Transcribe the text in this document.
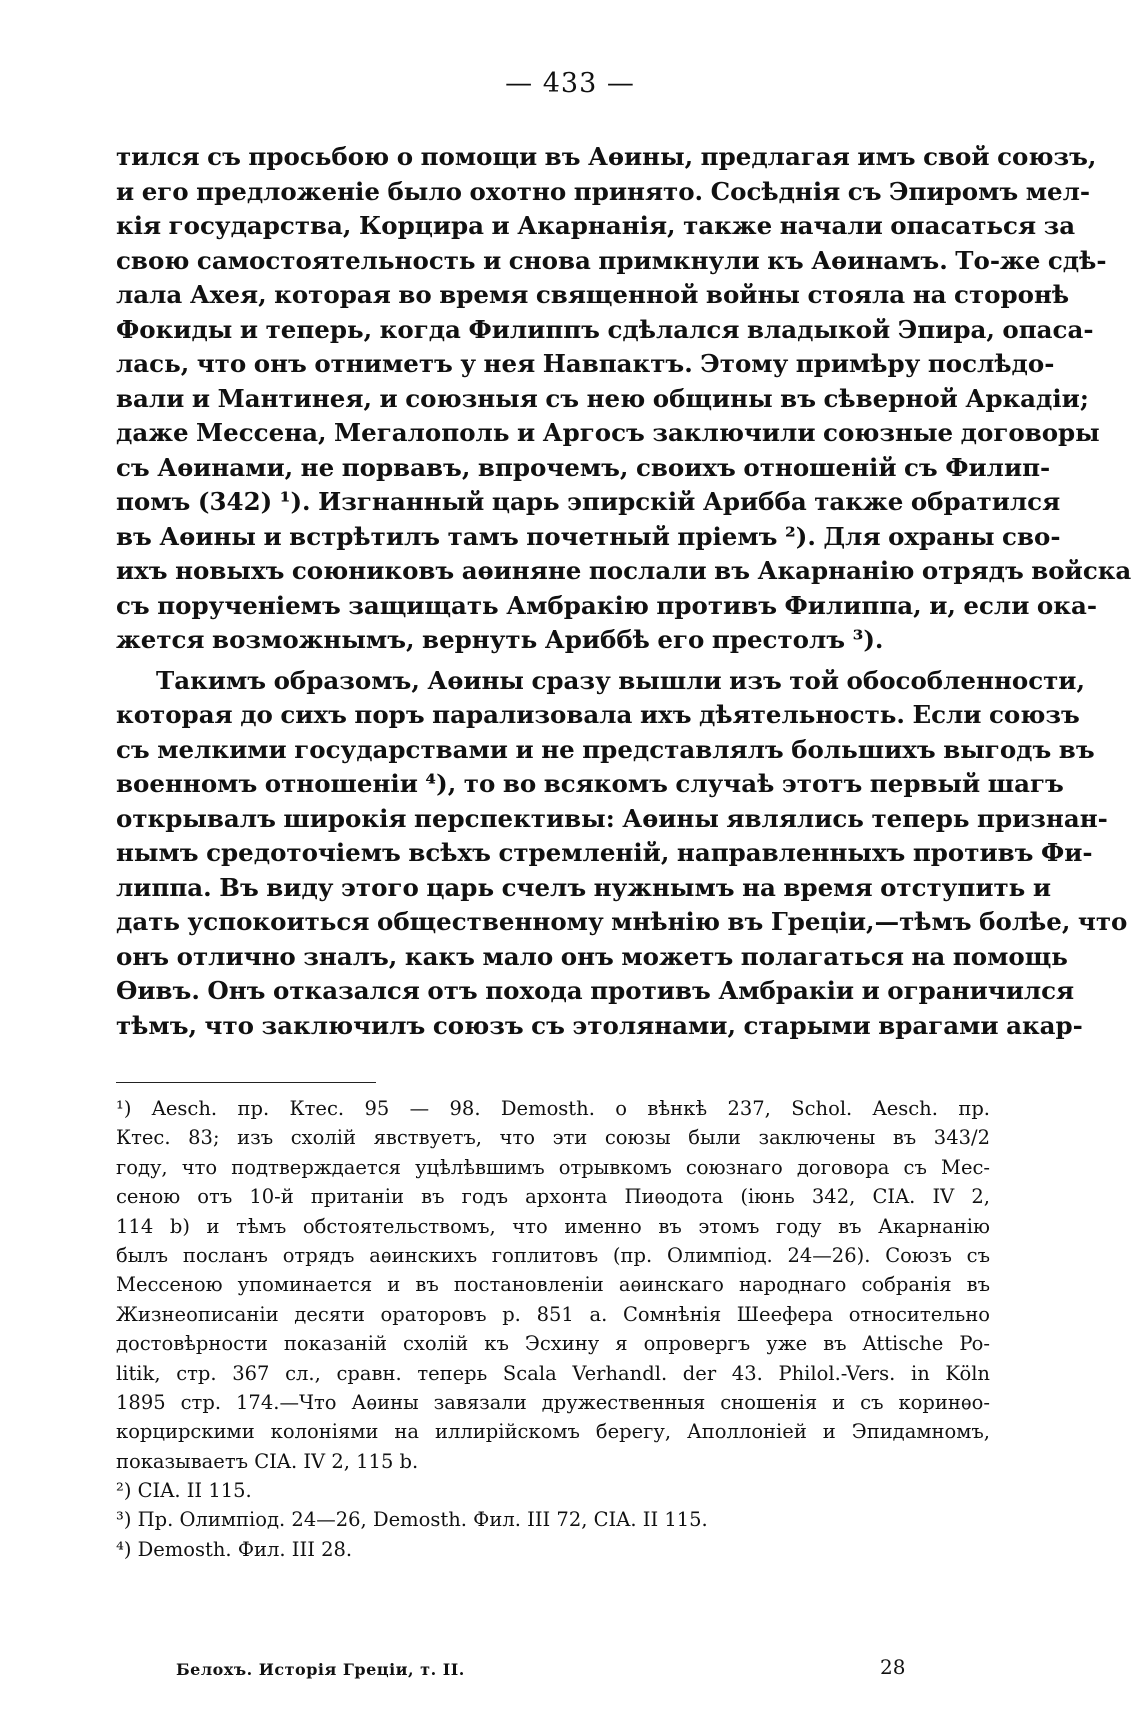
— 433 —
тился съ просьбою о помощи въ Аѳины, предлагая имъ свой союзъ,
и его предложеніе было охотно принято. Сосѣднія съ Эпиромъ мел-
кія государства, Корцира и Акарнанія, также начали опасаться за
свою самостоятельность и снова примкнули къ Аѳинамъ. То-же сдѣ-
лала Ахея, которая во время священной войны стояла на сторонѣ
Фокиды и теперь, когда Филиппъ сдѣлался владыкой Эпира, опаса-
лась, что онъ отниметъ у нея Навпактъ. Этому примѣру послѣдо-
вали и Мантинея, и союзныя съ нею общины въ сѣверной Аркадіи;
даже Мессена, Мегалополь и Аргосъ заключили союзные договоры
съ Аѳинами, не порвавъ, впрочемъ, своихъ отношеній съ Филип-
помъ (342) ¹). Изгнанный царь эпирскій Ариббa также обратился
въ Аѳины и встрѣтилъ тамъ почетный пріемъ ²). Для охраны сво-
ихъ новыхъ союниковъ аѳиняне послали въ Акарнанію отрядъ войска
съ порученіемъ защищать Амбракію противъ Филиппа, и, если ока-
жется возможнымъ, вернуть Ариббѣ его престолъ ³).
Такимъ образомъ, Аѳины сразу вышли изъ той обособленности,
которая до сихъ поръ парализовала ихъ дѣятельность. Если союзъ
съ мелкими государствами и не представлялъ большихъ выгодъ въ
военномъ отношеніи ⁴), то во всякомъ случаѣ этотъ первый шагъ
открывалъ широкія перспективы: Аѳины являлись теперь признан-
нымъ средоточіемъ всѣхъ стремленій, направленныхъ противъ Фи-
липпа. Въ виду этого царь счелъ нужнымъ на время отступить и
дать успокоиться общественному мнѣнію въ Греціи,—тѣмъ болѣе, что
онъ отлично зналъ, какъ мало онъ можетъ полагаться на помощь
Ѳивъ. Онъ отказался отъ похода противъ Амбракіи и ограничился
тѣмъ, что заключилъ союзъ съ этолянами, старыми врагами акар-
¹) Aesch. пр. Ктес. 95 — 98. Demosth. о вѣнкѣ 237, Schol. Aesch. пр.
Ктес. 83; изъ схолій явствуетъ, что эти союзы были заключены въ 343/2
году, что подтверждается уцѣлѣвшимъ отрывкомъ союзнаго договора съ Мес-
сеною отъ 10-й пританіи въ годъ архонта Пиѳодота (іюнь 342, CIA. IV 2,
114 b) и тѣмъ обстоятельствомъ, что именно въ этомъ году въ Акарнанію
былъ посланъ отрядъ аѳинскихъ гоплитовъ (пр. Олимпіод. 24—26). Союзъ съ
Мессеною упоминается и въ постановленіи аѳинскаго народнаго собранія въ
Жизнеописаніи десяти ораторовъ р. 851 а. Сомнѣнія Шеефера относительно
достовѣрности показаній схолій къ Эсхину я опровергъ уже въ Attische Po-
litik, стр. 367 сл., сравн. теперь Scala Verhandl. der 43. Philol.-Vers. in Köln
1895 стр. 174.—Что Аѳины завязали дружественныя сношенія и съ коринѳо-
корцирскими колоніями на иллирійскомъ берегу, Аполлоніей и Эпидамномъ,
показываетъ CIA. IV 2, 115 b.
²) CIA. II 115.
³) Пр. Олимпіод. 24—26, Demosth. Фил. III 72, CIA. II 115.
⁴) Demosth. Фил. III 28.
Белохъ. Исторія Греціи, т. II.	28
